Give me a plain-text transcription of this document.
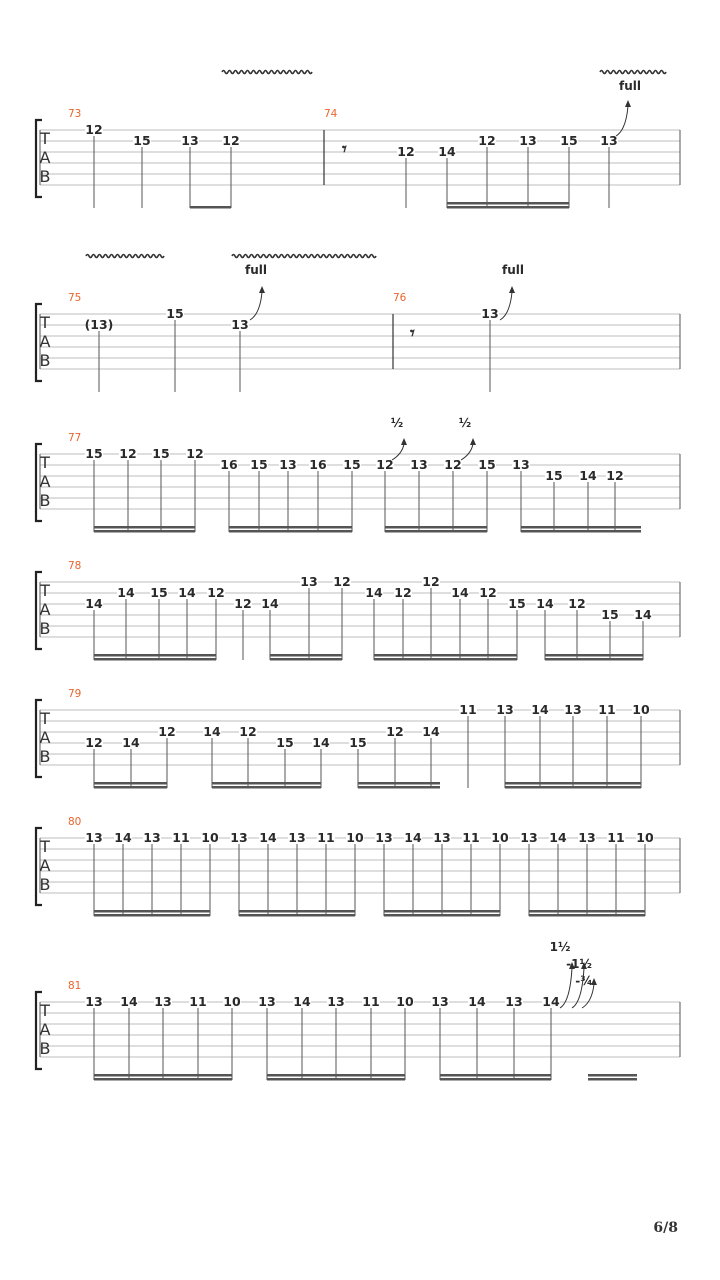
T
A
B
73
12
15 13 12
74
12 14
12 13 15 13
full
T
A
B
75
(13)
15
13
76
13
full	full
T
A
B
77
15 12 15 12
16 15 13 16 15 12 13 12 15 13
15 14 12
½	½
T
A
B
78
14
14 15 14 12
12 14
13 12
14 12
12
14 12
15 14 12
15 14
T
A
B
79
12 14
12 14 12
15 14 15
12 14
11 13 14 13 11 10
T
A
B
80
13 14 13 11 10 13 14 13 11 10 13 14 13 11 10 13 14 13 11 10
T
A
B
81
13 14 13 11 10 13 14 13 11 10 13 14 13 14
1½
-1½
-¾
𝄾
𝄾
6/8
